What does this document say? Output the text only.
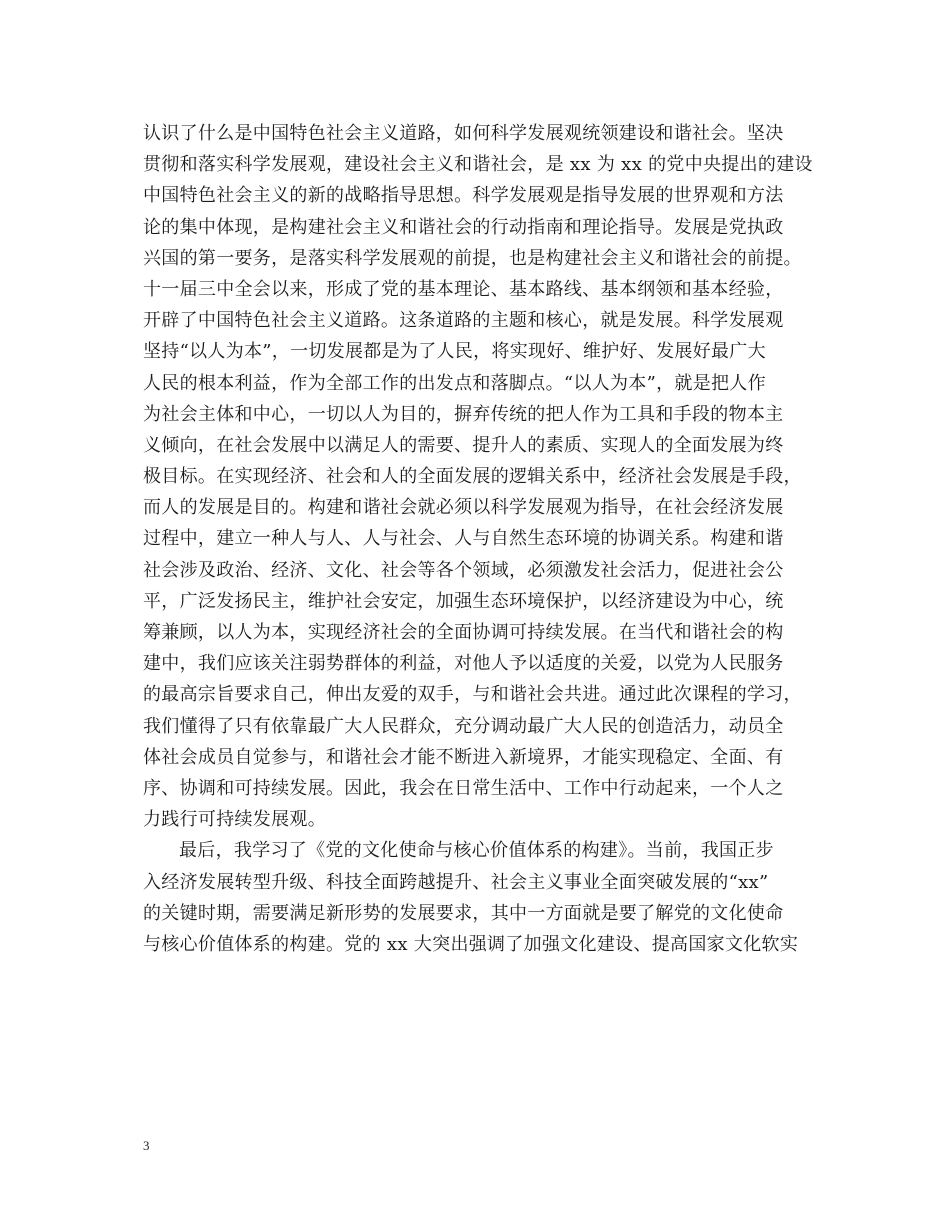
认识了什么是中国特色社会主义道路，如何科学发展观统领建设和谐社会。坚决
贯彻和落实科学发展观，建设社会主义和谐社会，是 xx 为 xx 的党中央提出的建设
中国特色社会主义的新的战略指导思想。科学发展观是指导发展的世界观和方法
论的集中体现，是构建社会主义和谐社会的行动指南和理论指导。发展是党执政
兴国的第一要务，是落实科学发展观的前提，也是构建社会主义和谐社会的前提。
十一届三中全会以来，形成了党的基本理论、基本路线、基本纲领和基本经验，
开辟了中国特色社会主义道路。这条道路的主题和核心，就是发展。科学发展观
坚持“以人为本”，一切发展都是为了人民，将实现好、维护好、发展好最广大
人民的根本利益，作为全部工作的出发点和落脚点。“以人为本”，就是把人作
为社会主体和中心，一切以人为目的，摒弃传统的把人作为工具和手段的物本主
义倾向，在社会发展中以满足人的需要、提升人的素质、实现人的全面发展为终
极目标。在实现经济、社会和人的全面发展的逻辑关系中，经济社会发展是手段，
而人的发展是目的。构建和谐社会就必须以科学发展观为指导，在社会经济发展
过程中，建立一种人与人、人与社会、人与自然生态环境的协调关系。构建和谐
社会涉及政治、经济、文化、社会等各个领域，必须激发社会活力，促进社会公
平，广泛发扬民主，维护社会安定，加强生态环境保护，以经济建设为中心，统
筹兼顾，以人为本，实现经济社会的全面协调可持续发展。在当代和谐社会的构
建中，我们应该关注弱势群体的利益，对他人予以适度的关爱，以党为人民服务
的最高宗旨要求自己，伸出友爱的双手，与和谐社会共进。通过此次课程的学习，
我们懂得了只有依靠最广大人民群众，充分调动最广大人民的创造活力，动员全
体社会成员自觉参与，和谐社会才能不断进入新境界，才能实现稳定、全面、有
序、协调和可持续发展。因此，我会在日常生活中、工作中行动起来，一个人之
力践行可持续发展观。
最后，我学习了《党的文化使命与核心价值体系的构建》。当前，我国正步
入经济发展转型升级、科技全面跨越提升、社会主义事业全面突破发展的“xx”
的关键时期，需要满足新形势的发展要求，其中一方面就是要了解党的文化使命
与核心价值体系的构建。党的 xx 大突出强调了加强文化建设、提高国家文化软实
3
